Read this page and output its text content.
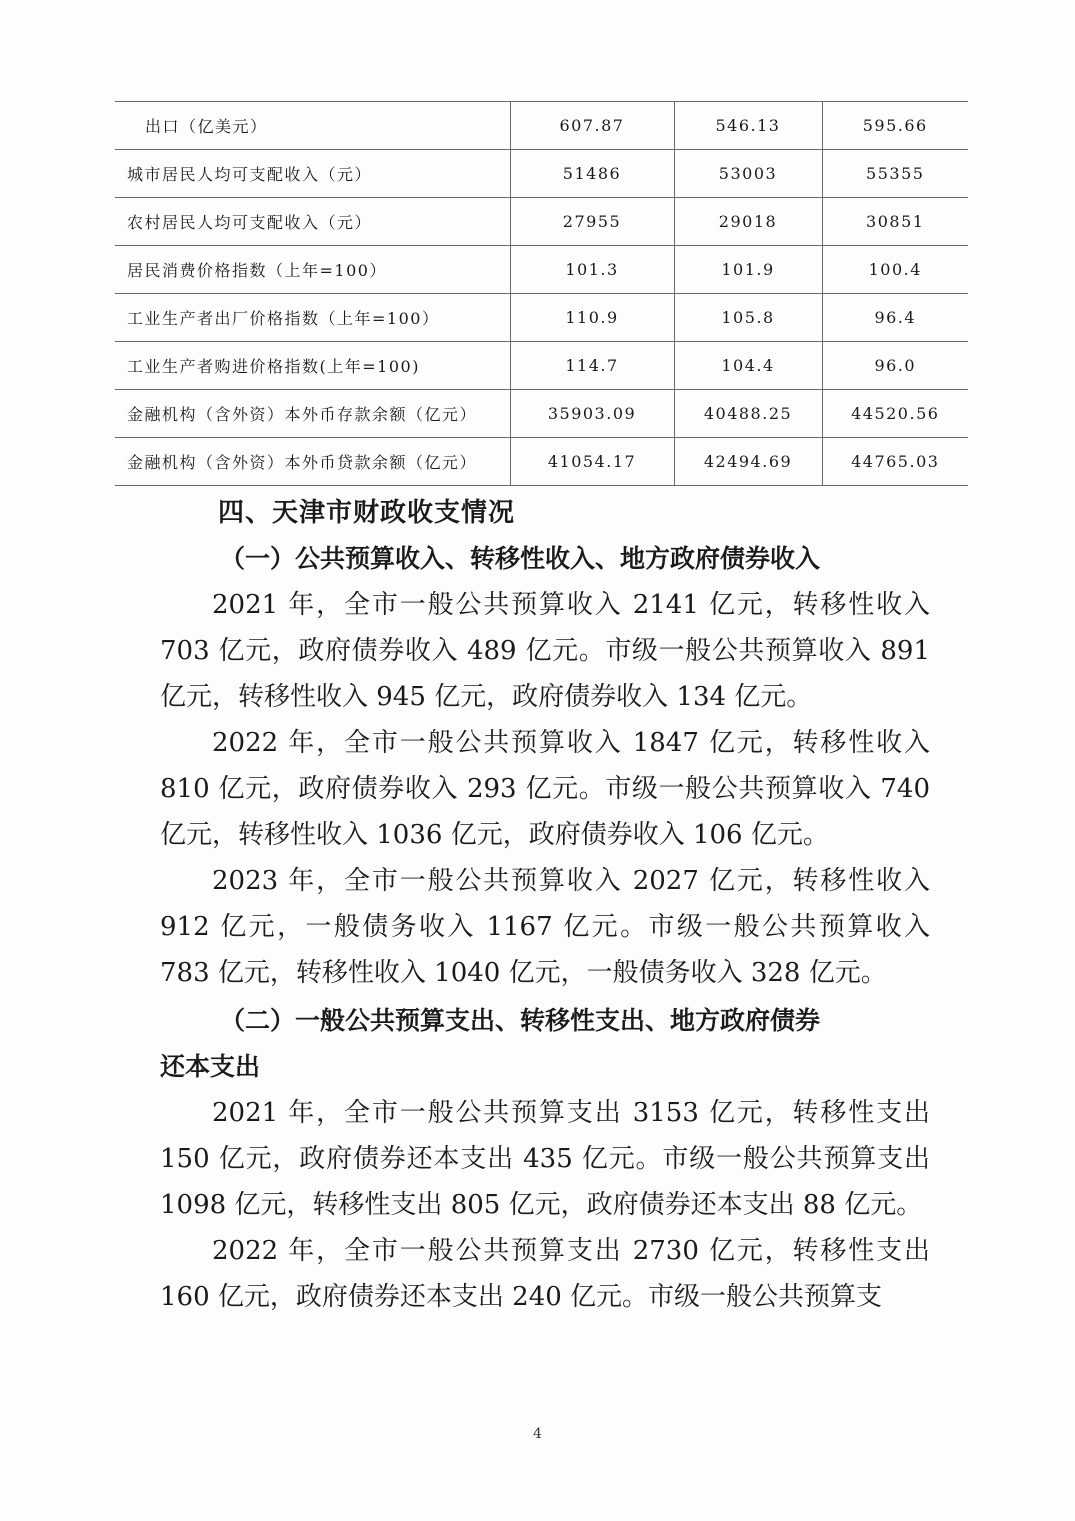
出口（亿美元）	607.87	546.13	595.66
城市居民人均可支配收入（元）	51486	53003	55355
农村居民人均可支配收入（元）	27955	29018	30851
居民消费价格指数（上年=100）	101.3	101.9	100.4
工业生产者出厂价格指数（上年=100）	110.9	105.8	96.4
工业生产者购进价格指数(上年=100)	114.7	104.4	96.0
金融机构（含外资）本外币存款余额（亿元）	35903.09	40488.25	44520.56
金融机构（含外资）本外币贷款余额（亿元）	41054.17	42494.69	44765.03
四、天津市财政收支情况
（一）公共预算收入、转移性收入、地方政府债券收入
2021 年，全市一般公共预算收入 2141 亿元，转移性收入 703 亿元，政府债券收入 489 亿元。市级一般公共预算收入 891 亿元，转移性收入 945 亿元，政府债券收入 134 亿元。
2022 年，全市一般公共预算收入 1847 亿元，转移性收入 810 亿元，政府债券收入 293 亿元。市级一般公共预算收入 740 亿元，转移性收入 1036 亿元，政府债券收入 106 亿元。
2023 年，全市一般公共预算收入 2027 亿元，转移性收入 912 亿元，一般债务收入 1167 亿元。市级一般公共预算收入 783 亿元，转移性收入 1040 亿元，一般债务收入 328 亿元。
（二）一般公共预算支出、转移性支出、地方政府债券
还本支出
2021 年，全市一般公共预算支出 3153 亿元，转移性支出 150 亿元，政府债券还本支出 435 亿元。市级一般公共预算支出 1098 亿元，转移性支出 805 亿元，政府债券还本支出 88 亿元。
2022 年，全市一般公共预算支出 2730 亿元，转移性支出 160 亿元，政府债券还本支出 240 亿元。市级一般公共预算支
4
